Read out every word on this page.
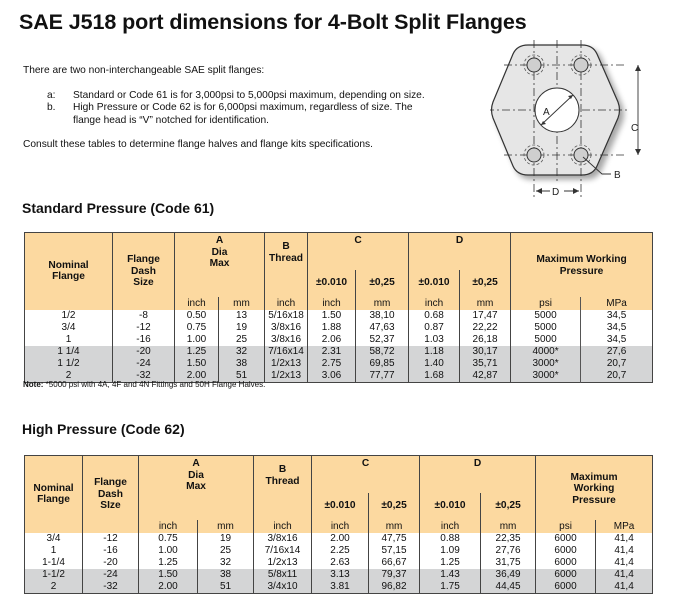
SAE J518 port dimensions for 4-Bolt Split Flanges

There are two non-interchangeable SAE split flanges:

a:	Standard or Code 61 is for 3,000psi to 5,000psi maximum, depending on size.
b.	High Pressure or Code 62 is for 6,000psi maximum, regardless of size. The flange head is “V” notched for identification.

Consult these tables to determine flange halves and flange kits specifications.

A
C
B
D
Standard Pressure (Code 61)
Nominal Flange	Flange Dash Size	
A
Dia
Max

B
Thread
	C	D	Maximum Working Pressure
					±0.010	±0,25	±0.010	±0,25		
		inch	mm	inch	inch	mm	inch	mm	psi	MPa
1/2	-8	0.50	13	5/16x18	1.50	38,10	0.68	17,47	5000	34,5
3/4	-12	0.75	19	3/8x16	1.88	47,63	0.87	22,22	5000	34,5
1	-16	1.00	25	3/8x16	2.06	52,37	1.03	26,18	5000	34,5
1 1/4	-20	1.25	32	7/16x14	2.31	58,72	1.18	30,17	4000*	27,6
1 1/2	-24	1.50	38	1/2x13	2.75	69,85	1.40	35,71	3000*	20,7
2	-32	2.00	51	1/2x13	3.06	77,77	1.68	42,87	3000*	20,7
Note: *5000 psi with 4A, 4F and 4N Fittings and 50H Flange Halves.
High Pressure (Code 62)
Nominal Flange	Flange Dash SIze	
A
Dia
Max

B
Thread
	C	D	Maximum Working Pressure
					±0.010	±0,25	±0.010	±0,25		
		inch	mm	inch	inch	mm	inch	mm	psi	MPa
3/4	-12	0.75	19	3/8x16	2.00	47,75	0.88	22,35	6000	41,4
1	-16	1.00	25	7/16x14	2.25	57,15	1.09	27,76	6000	41,4
1-1/4	-20	1.25	32	1/2x13	2.63	66,67	1.25	31,75	6000	41,4
1-1/2	-24	1.50	38	5/8x11	3.13	79,37	1.43	36,49	6000	41,4
2	-32	2.00	51	3/4x10	3.81	96,82	1.75	44,45	6000	41,4
